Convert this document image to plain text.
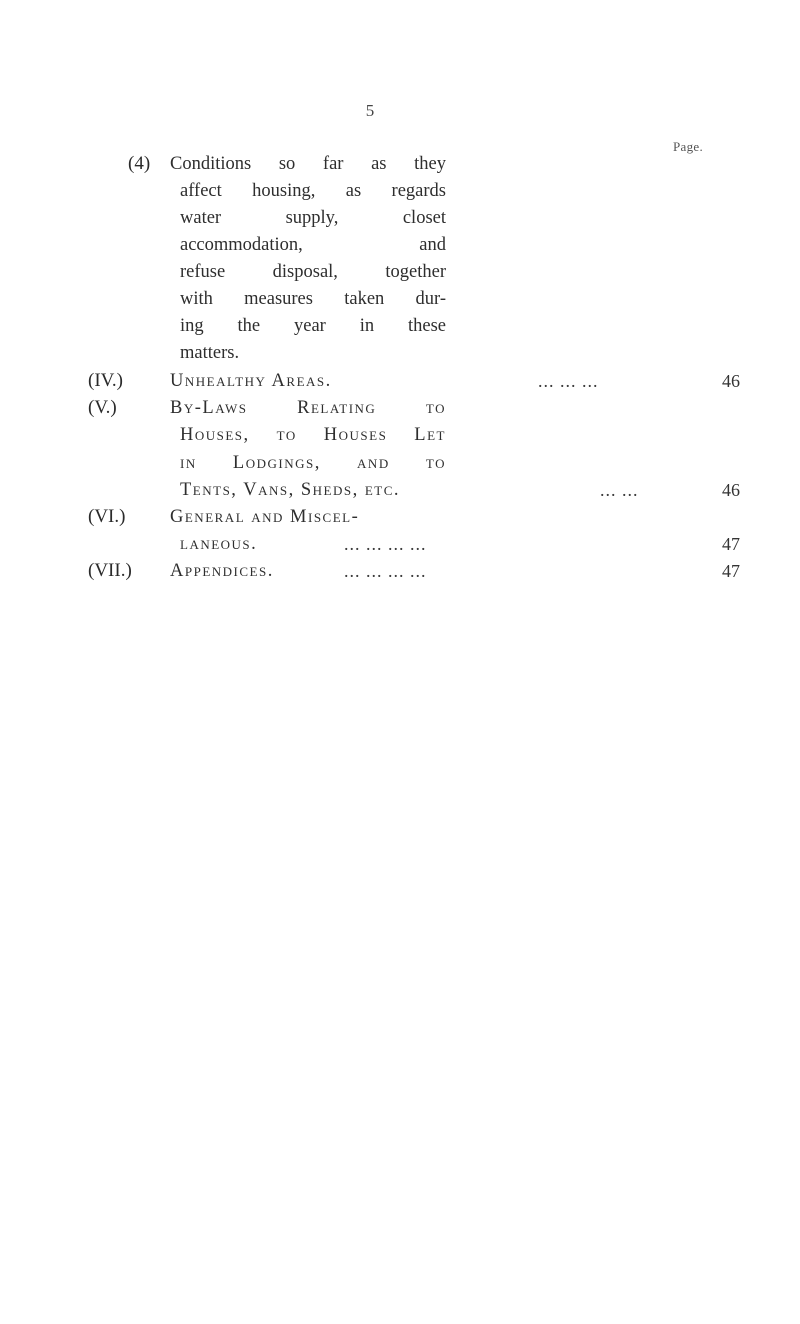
5
Page.
(4) Conditions so far as they
affect housing, as regards
water supply, closet
accommodation, and
refuse disposal, together
with measures taken dur-
ing the year in these
matters.
(IV.)	Unhealthy Areas.	... ... ...	46
(V.)	By-Laws Relating to
Houses, to Houses Let
in Lodgings, and to
Tents, Vans, Sheds, etc.	... ...	46
(VI.) General and Miscel-
laneous.	... ... ... ...	47
(VII.) Appendices.	... ... ... ...	47
